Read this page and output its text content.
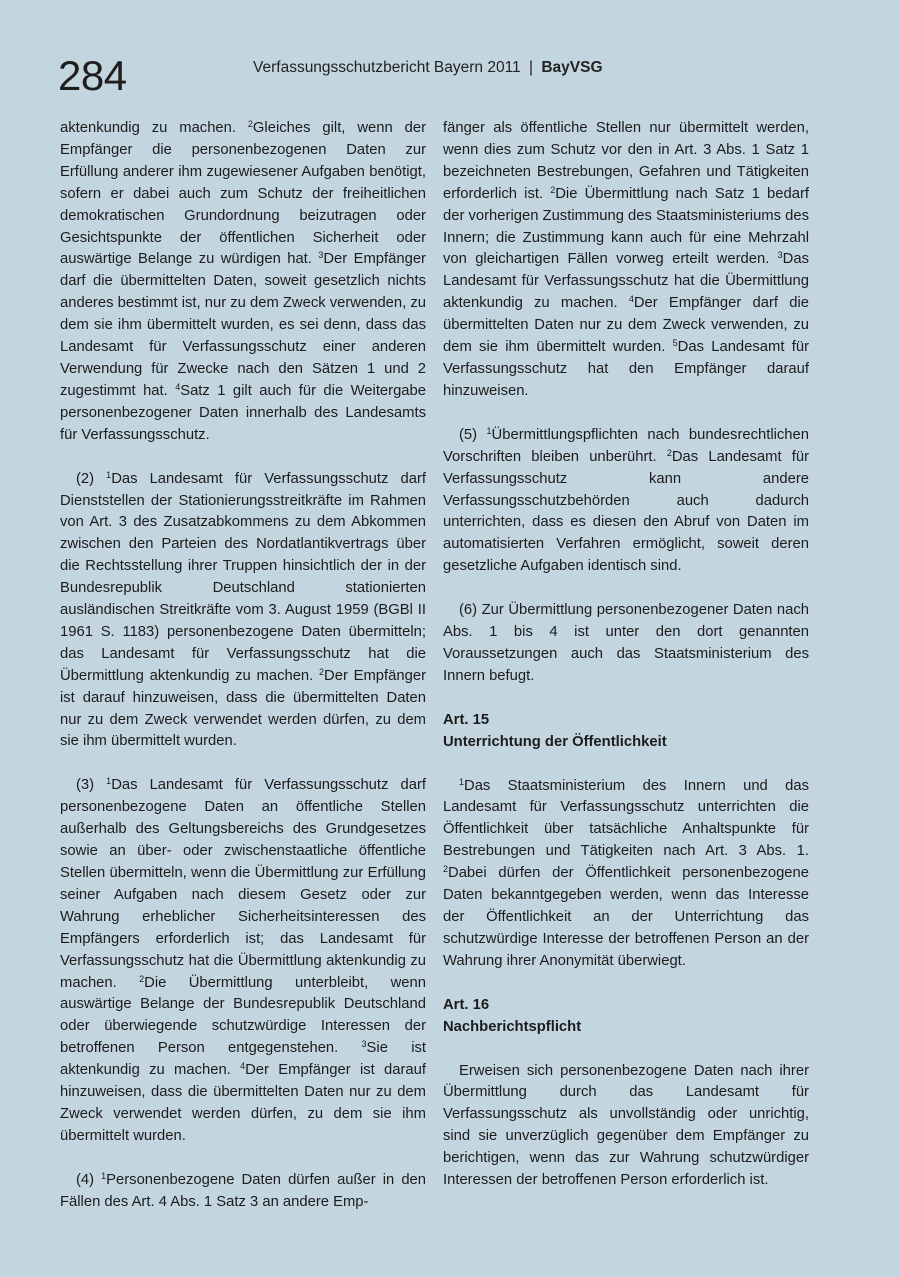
284	Verfassungsschutzbericht Bayern 2011 | BayVSG

aktenkundig zu machen. $^2$Gleiches gilt, wenn der Empfänger die personenbezogenen Daten zur Erfüllung anderer ihm zugewiesener Aufgaben benötigt, sofern er dabei auch zum Schutz der freiheitlichen demokratischen Grundordnung beizutragen oder Gesichtspunkte der öffentlichen Sicherheit oder auswärtige Belange zu würdigen hat. $^3$Der Empfänger darf die übermittelten Daten, soweit gesetzlich nichts anderes bestimmt ist, nur zu dem Zweck verwenden, zu dem sie ihm übermittelt wurden, es sei denn, dass das Landesamt für Verfassungsschutz einer anderen Verwendung für Zwecke nach den Sätzen 1 und 2 zugestimmt hat. $^4$Satz 1 gilt auch für die Weitergabe personenbezogener Daten innerhalb des Landesamts für Verfassungsschutz.

(2) $^1$Das Landesamt für Verfassungsschutz darf Dienststellen der Stationierungsstreitkräfte im Rahmen von Art. 3 des Zusatzabkommens zu dem Abkommen zwischen den Parteien des Nordatlantikvertrags über die Rechtsstellung ihrer Truppen hinsichtlich der in der Bundesrepublik Deutschland stationierten ausländischen Streitkräfte vom 3. August 1959 (BGBl II 1961 S. 1183) personenbezogene Daten übermitteln; das Landesamt für Verfassungsschutz hat die Übermittlung aktenkundig zu machen. $^2$Der Empfänger ist darauf hinzuweisen, dass die übermittelten Daten nur zu dem Zweck verwendet werden dürfen, zu dem sie ihm übermittelt wurden.

(3) $^1$Das Landesamt für Verfassungsschutz darf personenbezogene Daten an öffentliche Stellen außerhalb des Geltungsbereichs des Grundgesetzes sowie an über- oder zwischenstaatliche öffentliche Stellen übermitteln, wenn die Übermittlung zur Erfüllung seiner Aufgaben nach diesem Gesetz oder zur Wahrung erheblicher Sicherheitsinteressen des Empfängers erforderlich ist; das Landesamt für Verfassungsschutz hat die Übermittlung aktenkundig zu machen. $^2$Die Übermittlung unterbleibt, wenn auswärtige Belange der Bundesrepublik Deutschland oder überwiegende schutzwürdige Interessen der betroffenen Person entgegenstehen. $^3$Sie ist aktenkundig zu machen. $^4$Der Empfänger ist darauf hinzuweisen, dass die übermittelten Daten nur zu dem Zweck verwendet werden dürfen, zu dem sie ihm übermittelt wurden.

(4) $^1$Personenbezogene Daten dürfen außer in den Fällen des Art. 4 Abs. 1 Satz 3 an andere Emp-

fänger als öffentliche Stellen nur übermittelt werden, wenn dies zum Schutz vor den in Art. 3 Abs. 1 Satz 1 bezeichneten Bestrebungen, Gefahren und Tätigkeiten erforderlich ist. $^2$Die Übermittlung nach Satz 1 bedarf der vorherigen Zustimmung des Staatsministeriums des Innern; die Zustimmung kann auch für eine Mehrzahl von gleichartigen Fällen vorweg erteilt werden. $^3$Das Landesamt für Verfassungsschutz hat die Übermittlung aktenkundig zu machen. $^4$Der Empfänger darf die übermittelten Daten nur zu dem Zweck verwenden, zu dem sie ihm übermittelt wurden. $^5$Das Landesamt für Verfassungsschutz hat den Empfänger darauf hinzuweisen.

(5) $^1$Übermittlungspflichten nach bundesrechtlichen Vorschriften bleiben unberührt. $^2$Das Landesamt für Verfassungsschutz kann andere Verfassungsschutzbehörden auch dadurch unterrichten, dass es diesen den Abruf von Daten im automatisierten Verfahren ermöglicht, soweit deren gesetzliche Aufgaben identisch sind.

(6) Zur Übermittlung personenbezogener Daten nach Abs. 1 bis 4 ist unter den dort genannten Voraussetzungen auch das Staatsministerium des Innern befugt.

Art. 15
Unterrichtung der Öffentlichkeit

$^1$Das Staatsministerium des Innern und das Landesamt für Verfassungsschutz unterrichten die Öffentlichkeit über tatsächliche Anhaltspunkte für Bestrebungen und Tätigkeiten nach Art. 3 Abs. 1. $^2$Dabei dürfen der Öffentlichkeit personenbezogene Daten bekanntgegeben werden, wenn das Interesse der Öffentlichkeit an der Unterrichtung das schutzwürdige Interesse der betroffenen Person an der Wahrung ihrer Anonymität überwiegt.

Art. 16
Nachberichtspflicht

Erweisen sich personenbezogene Daten nach ihrer Übermittlung durch das Landesamt für Verfassungsschutz als unvollständig oder unrichtig, sind sie unverzüglich gegenüber dem Empfänger zu berichtigen, wenn das zur Wahrung schutzwürdiger Interessen der betroffenen Person erforderlich ist.
